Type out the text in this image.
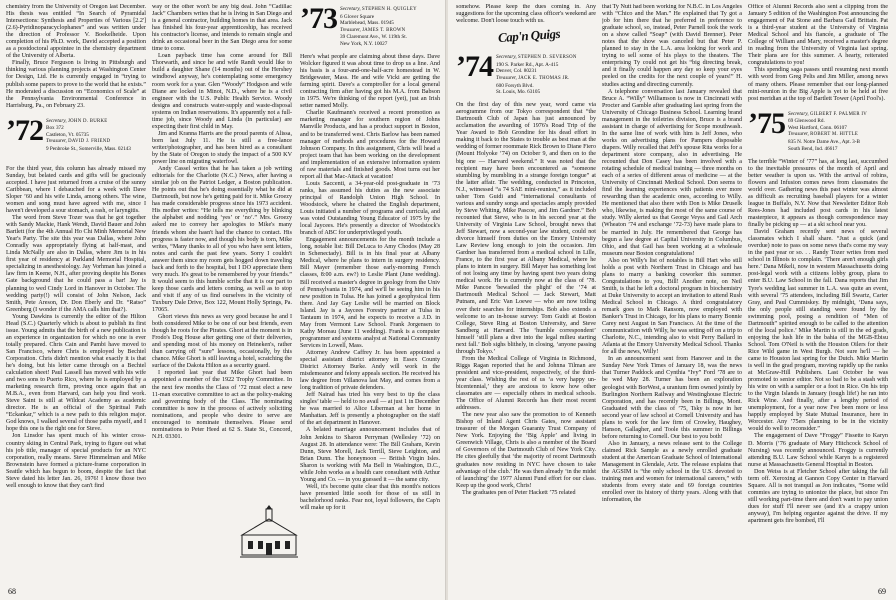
chemistry from the University of Oregon last December. His thesis was entitled “In Search of Pyramidal Intersections: Synthesis and Properties of Various [2.2'] (2.6)-Pyridinoparacyclophanes” and was written under the direction of Professor V. Boekelheide. Upon completion of his Ph.D. work, David accepted a position as a postdoctoral appointee in the chemistry department of the University of Alberta.

Finally, Bruce Ferguson is living in Pittsburgh and thinking various planning projects at Washington Center for Design, Ltd. He is currently engaged in “trying to publish some papers to prove to the world that he exists.” He moderated a discussion on “Economics of Scale” at the Pennsylvania Environmental Conference in Harrisburg, Pa., on February 23.

’72 Secretary, JOHN D. BURKE
Box 372
Castleton, Vt. 05735
Treasurer, DAVID J. FRIEND
9 Penbroke St., Somerville, Mass. 02143

For the third year, this column has already missed my Sunday, but belated cards and gifts will be graciously accepted. I have just returned from a cruise of the sunny Caribbean, where I debauched for a week with Dave Sloper ’60 and his wife Linda, among others. The wine, women and song must have agreed with me, since I haven't developed a sour stomach, a rash, or laryngitis.

The word from Steve Tozer was that he got together with Sandy Mackie, Hank Wendt, David Bauer and John Bartlett (for the 4th Annual Ho Chi Minh Memorial New Year's Party. The site this year was Dallas, where John Conradly was appropriately flying at half-mast, and Linda McNally are also in Dallas, where Jim is in his first year of residency at Parkland Memorial Hospital, specializing in anesthesiology. Jay Vorhman has joined a law firm in Keene, N.H., after proving despite his Bones Gate background that he could pass a bar! Jay is planning to wed Cindy Lord in Hanover in October. The wedding party(!) will consist of John Nelson, Jack Smith, Pete Areson, Dr. Don Eberly and Dr. “Ratso” Greenberg (I wonder if the AMA calls him that?).

Young Dawkins is currently the editor of the Hilton Head (S.C.) Quarterly which is about to publish its first issue. Young admits that the birth of a new publication is an experience in organization for which no one is ever totally prepared. Chris Cain and Pambi have moved to San Francisco, where Chris is employed by Bechtel Corporation. Chris didn't mention what exactly it is that he's doing, but his letter came through on a Bechtel calculation sheet! Paul Lassell has moved with his wife and two sons to Puerto Rico, where he is employed by a marketing research firm, proving once again that an M.B.A., even from Harvard, can help you find work. Steve Saint is still at Wildcat Academy as academic director. He is an official of the Spiritual Path “Eckankar,” which is a new path to this religion major. God knows, I walked several of those paths myself, and I hope this one is the right one for Steve.

Jon Linsdor has spent much of his winter cross-country skiing in Central Park, trying to figure out what his job title, manager of special products for an NYC corporation, really means. Steve Himmelman and Mike Brownstein have formed a picture-frame corporation in Seattle which has begun to boom, despite the fact that Steve dated his letter Jan. 26, 1976! I know those two well enough to know that they can't find

way or the other won't be any big deal. John “Cadillac Jack” Chambers writes that he is living in San Diego and is a general contractor, building homes in that area. Jack has finished his four-year apprenticeship, has received his contractor's license, and intends to remain single and drink an occasional beer in the San Diego area for some time to come.

Loan payback time has come around for Bill Thorwarth, and since he and wife Randi would like to build a daughter Shane (14 months) out of the Hershey windbowl anyway, he's contemplating some emergency room work for a year. Glen “Woody” Hodgson and wife Diane are locked in Minot, N.D., where he is a civil engineer with the U.S. Public Health Service. Woody designs and constructs water-supply and waste-disposal systems on Indian reservations. It's apparently not a full-time job, since Woody and Linda (in particular) are expecting their first child in May.

Jim and Kranna Harris are the proud parents of Alissa, born last July 11. He is still a free-lance writer/photographer, and has been hired as a consultant by the State of Oregon to study the impact of a 500 KV power line on migrating waterfowl.

Andy Cassel writes that he has taken a job writing editorials for the Charlotte (N.C.) News, after having a similar job on the Patriot Ledger, a Boston publication. He points out that he's doing essentially what he did at Dartmouth, but now he's getting paid for it. Mike Groezy has made considerable progress since his 1973 accident. His mother writes: “He tells me everything by blinking the alphabet and nodding ‘yes’ or ‘no’.” Mrs. Groezy asked me to convey her apologies to Mike's many friends whom she hasn't had the chance to contact. His progress is faster now, and though his body is torn, Mike writes, “Many thanks to all of you who have sent letters, notes and cards the past few years. Sorry I couldn't answer them since my room gets hogged down traveling back and forth to the hospital, but I DO appreciate them very much. It's great to be remembered by your friends.” It would seem to this humble scribe that it is our part to keep those cards and letters coming, as well as to stop and visit if any of us find ourselves in the vicinity of Tuxbury Dale Drive, Box 122, Mount Holly Springs, Pa. 17065.

Ghort views this news as very good because he and I both considered Mike to be one of our best friends, even though he roots for the Pirates. Ghort at the moment is in Frodo's Dog House after getting one of their deliveries, and spending most of his money on Heineken's, rather than carrying off “sure” lessons, occasionally, by this chance. Mike Ghort is still leaving a hotel, scratching the surface of the Dakota Hilton as a security guard.

I reported last year that Mike Ghort had been appointed a member of the 1922 Trophy Committee. In the next few months the Class of ’72 must elect a new 11-man executive committee to act as the policy-making and governing body of the Class. The nominating committee is now in the process of actively soliciting nominations, and people who desire to serve are encouraged to nominate themselves. Please send nominations to Peter Heed at 62 S. State St., Concord, N.H. 03301.

’73 Secretary, STEPHEN H. QUIGLEY
6 Glover Square
Marblehead, Mass. 01945
Treasurer, JAMES T. BROWN
39 Claremont Ave., W. 119th St.
New York, N.Y. 10027

Here's what people are claiming about these days. Dave Wolcker figured it was about time to drop us a line. And his basis is a four-and-one-half-acre homestead in W. Bridgewater, Mass. He and wife Vicki are getting the farming spirit. Dave's a comptroller for a local general contracting firm after having got his M.A. from Babson in 1975. We're thinking of the report (yet), just an Irish setter named Molly.

Charlie Kaufmann's received a recent promotion as marketing manager for southern region of Johns Manville Products, and has a product support in Boston, and to be transferred west. Chris Barlow has been named manager of methods and procedures for the Howard Johnson Company. In this assignment, Chris will head a project team that has been working on the development and implementation of an extensive information system of raw materials and finished goods. Most turns out her report all that Mac-Attack at vacation!

Louis Saccenti, a 34-year-old post-graduate in ’73 ranks, has assumed his duties as the new associate principal of Randolph Union High School. In Woodstock, where he chaired the English department, Louis initiated a number of programs and curricula, and was voted Outstanding Young Educator of 1975 by the local Jaycees. He's presently a director of Woodstock's branch of ABC for underprivileged youth.

Engagement announcements for the month include a long, notable list: Bill DeLuca to Amy Chodos (May 28 in Schenectady). Bill is in his final year at Albany Medical, where he plans to intern in surgery residency. Bill Mayer (remember those early-morning French classes, 8:00 a.m. ew?) to Leslie Plant (June wedding). Bill received a master's degree in geology from the Univ of Pennsylvania in 1974, and we'll be seeing him in his new position in Tulsa. He has joined a geophysical firm there. And Jay Gay Leslie will be married on Block Island. Jay is a Jaycees Forestry partner at Tulsa in Tantaum in 1974, and he expects to receive a J.D. in May from Vermont Law School. Frank Jorgensen to Kathy Moreau (June 11 wedding). Frank is a computer programmer and systems analyst at National Community Services in Lowell, Mass.

Attorney Andrew Caffrey Jr. has been appointed a special assistant district attorney in Essex County District Attorney Burke. Andy will work in the misdemeanor and felony appeals section. He received his law degree from Villanova last May, and comes from a long tradition of private defenders.

Jeff Nairad has tried his very best to tip the class singles’ table — held to no avail — at just 1 in December he was married to Alice Liberman at her home in Manhattan. Jeff is presently a photographer on the staff of the art department in Hanover.

A belated marriage announcement includes that of John Jenkins to Sharon Perryman (Wellesley ’72) on August 28. In attendance were: The Bill Graham, Kevin Dunn, Steve Morell, Jack Terrill, Steve Leighton, and Brian Dunn. The honeymoon — British Virgin Isles. Sharon is working with Ma Bell in Washington, D.C., while John works as a health care consultant with Arthur Young and Co. — in you guessed it — the same city.

Well, it's become quite clear that this month's notices have presented little sooth for those of us still in bachelorhood ranks. Fear not, loyal followers, the Cap'n will make up for it

68

somehow. Please keep the dues coming in. Any suggestions for the upcoming class officer's weekend are welcome. Don't loose touch with us.

Cap'n Quigs
’74 Secretary, STEPHEN D. SEVERSON
190 S. Parker Rd., Apt. A-415
Denver, Col. 80231
Treasurer, JACK E. THOMAS JR.
600 Forsyth Blvd.
St. Louis, Mo. 63105

On the first day of this new year, word came via aerogramme from our Tokyo correspondent that “the Dartmouth Club of Japan has just announced by acclamation the awarding of 1976's Road Trip of the Year Award to Bob Grondine for his dead effort in making it back to the States to trouble as best man at the wedding of former roommate Rick Brown to Diane Fiero (Mount Holyoke ’74) on October 9, and then on to the big one — Harvard weekend.” It was noted that the recipient may have been encountered as “someone stumbling by mumbling in a strange foreign tongue” at the latter affair. The wedding, conducted in Princeton, N.J., witnessed “a 74 SAE mini-reunion,” as it included usher Tom Guidi and “international consultants of various and sundry songs and spectacles amply provided by Steve Whiting, Mike Pascoe, and Jim Gardner.” Bob recounted that Steve, who is in his second year at the University of Virginia Law School, brought news that Jeff Stewart, now a second-year law student, could not divorce himself from duties on the Emory University Law Review long enough to join the occasion. Jim Gardner has transferred from a medical school in Lille, France, to the first year at Albany Medical, where he plans to intern in surgery. Bill Mayer has something lost of not losing any time by having spent two years doing medical work. He is currently now at the class of ’78. Mike Pancoe 'bewailed the plight' of the ’74 at Dartmouth Medical School — Jack Stewart, Matt Putnam, and Eric Van Loewe — who are now toiling over their searches for internships. Bob also extends a welcome to an in-house survey: Tom Guidi at Boston College, Steve Ring at Boston University, and Steve Sandberg at Harvard. The ‘humble correspondent’ himself ‘still plans a dive into the legal milieu starting next fall.’ Bob sighs blithely, in closing, ‘anyone passing through Tokyo.’

From the Medical College of Virginia in Richmond, Riggs Ragan reported that he and Johnna Tilman are president and vice-president, respectively, of the third-year class. Wishing the rest of us ‘a very happy un-bicentennial,’ they are anxious to know how other classmates are — especially others in medical schools. The Office of Alumni Records has their most recent addresses.

The new year also saw the promotion to of Kenneth Bishop of Inland Agent Chris Gates, now assistant treasurer of the Morgan Guaranty Trust Company of New York. Enjoying the ‘Big Apple’ and living in Greenwich Village, Chris is also a member of the Board of Governors of the Dartmouth Club of New York City. He cites gleefully that ‘the majority of recent Dartmouth graduates now residing in NYC have chosen to take advantage of the club.’ He was then already ‘in the midst of launching’ the 1977 Alumni Fund effort for our class. Keep up the good work, Chris!

The graduates pen of Peter Hackett ’75 related

that Ty Nutt had been working for N.B.C. in Los Angeles with “Chico and the Man.” He explained that Ty got a job for him there that he preferred in preference to graduate school, so, instead, Peter Parnell took the work on a show called “Soap” (with David Brenner). Peter notes that the show was canceled but that Peter P. planned to stay in the L.A. area looking for work and trying to sell some of his plays to the theaters. The enterprising Ty could not get his “big directing break, and it finally could happen any day so keep your eyes peeled on the credits for the next couple of years!” H. studies acting and directing currently.

A telephone conversation last January revealed that Bruce A. “Willy” Williamson is now in Cincinnati with Procter and Gamble after graduating last spring from the University of Chicago Business School. Learning brand management in the toiletries division, Bruce is a brand assistant in charge of advertising for Scope mouthwash. In the same line of work with him is Jeff Jones, who works on advertising plans for Pampers disposable diapers. Willy recalled that Jeff's spouse Rita works for a department store company, also in advertising. He recounted that Don Casey has been involved with a rotating schedule of medical training — three months on each of a series of different areas of medicine — at the University of Cincinnati Medical School. Don seems to find the learning experiences with patients ever more rewarding than the academic ones, according to Willy. He mentioned that also there with Don is Mike Druselk who, likewise, is making the most of the same course of study. Willy alerted us that George Veyss and Gail Arch (Wheaton ’74 and exchange ’72-73) have made plans to be married in July. He remembered that George has begun a law degree at Capital University in Columbus, Ohio, and that Gail has been working at a wholesale museum near Boston congratulations!

Also on Willy's list of notables is Bill Hart who still holds a post with Northern Trust in Chicago and has plans to marry a banking coworker this summer. Congratulations to you, Bill! Another note, on Neil Smith, is that he left a doctoral program in biochemistry at Duke University to accept an invitation to attend Rush Medical School in Chicago. A third congratulatory remark goes to Mark Ransom, now employed with Banker's Trust in Chicago, for his plans to marry Bonnie Carey next August in San Francisco. At the time of the communication with Willy, he was setting off on a trip to Charlotte, N.C., intending also to visit Perry Ballard in Atlanta at the Emory University Medical School. Thanks for all the news, Willy!

In an announcement sent from Hanover and in the Sunday New York Times of January 18, was the news that Turner Paddock and Cynthia “Ivy” Ford ’78 are to be wed May 28. Turner has been an exploration geologist with BorWest, a uranium firm owned jointly by Burlington Northern Railway and Westinghouse Electric Corporation, and has recently been in Billings, Mont. Graduated with the class of ’75, Tsky is now in her second year of law school at Cornell University and has plans to work for the law firm of Crowley, Haughey, Hanson, Gallagher, and Toole this summer in Billings before returning to Cornell. Our best to you both!

Also in January, a news release sent to the College claimed Rick Sample as a newly enrolled graduate student at the American Graduate School of International Management in Glendale, Ariz. The release explains that the AGSIM is “the only school in the U.S. devoted to training men and women for international careers,” with students from every state and 69 foreign countries enrolled over its history of thirty years. Along with that information, the

Office of Alumni Records also sent a clipping from the January 5 edition of the Washington Post announcing the engagement of Pat Stone and Barbara Gail Brittain. Pat is a third-year student at the University of Virginia Medical School and his fiancée, a graduate of The College of William and Mary, received a master's degree in reading from the University of Virginia last spring. Their plans are for this summer. A hearty, reiterated congratulations to you!

This spending saga passes until resuming next month with word from Greg Pelts and Jim Miller, among news of many others. Please remember that our long-planned mini-reunion in the Big Apple is yet to be held at five post meridian at the top of Bartlett Tower (April Fool's).

’75 Secretary, GILBERT F. PALMER IV
69 Glenwood Rd.
West Hartford, Conn. 06107
Treasurer, ROBERT M. HITTLE
835 N. Notre Dame Ave., Apt. 3-B
South Bend, Ind. 46617

The terrible “Winter of ’77” has, at long last, succumbed to the inevitable pressures of the month of April and better weather is upon us. With the arrival of robins, flowers and Infusion comes news from classmates the world over. Gathering news this past winter was almost as difficult as recruiting baseball players for a winter league in Buffalo, N.Y. Now that Newsletter Editor Rob Rees-Jones had included post cards in his latest masterpiece, it appears as though correspondence may finally be picking up — at a ski school near you.

David Graham recently sent news of several classmates which I shall share. “Just a quick (and overdue) note to pass on some news that's come my way in the past year or so. . . Randy Tozer writes from med school in Illinois to complain. ‘There aren't enough girls here.’ Dana Mikeli, now in western Massachusetts doing post-legal work with a citizens lobby group, plans to enter B.U. Law School in the fall. Dana reports that Jim Tyre's wedding last summer in L.A. was quite an event, with several ’75 attendees, including Bill Swartz, Carter Gray, and Paul Cummiskey. By midnight, ‘Dana says, the only people still standing were found by the swimming pool, posing a rendition of “Men of Dartmouth” spirited enough to be called to the attention of the local police.’ Mike Martin is still in the ed grads, enjoying the lush life in the bahia of the MGB-Ebisu School. Tom O'Neil is with the Houston Oilers for their Rice Wild game in West Burgh. Not sure he'll — he came to Houston last spring for the Dutch. Mike Martin is well in the grad program, moving rapidly up the ranks at McGraw-Hill Publishers. Last October he was promoted to senior editor. Not so bad to be a stash with his wire on with a sampler or a foot in Rice. On his trip to the Virgin Islands in January (tough life!) he ran into Rick Wine. And finally, after a lengthy period of unemployment, for a year now I've been more or less happily employed by State Mutual Insurance, here in Worcester. Any ’75ers planning to be in the vicinity would do well to reconsider.”

The engagement of Dave “Froggy” Fissette to Karyn D. Morris (’76 graduate of Mary Hitchcock School of Nursing) was recently announced. Froggy is currently attending B.U. Law School while Karyn is a registered nurse at Massachusetts General Hospital in Boston.

Don Weiss is at Fletcher School after taking the fall term off. Xeroxing at Gannon Copy Center in Harvard Square. All is not tranquil as Jon indicates, “Some wild commies are trying to unionize the place, but since I'm still working part-time there and don't want to pay union dues for stuff I'll never see (and it's a crappy union anyway), I'm helping organize against the drive. If my apartment gets fire bombed, I'll

69
